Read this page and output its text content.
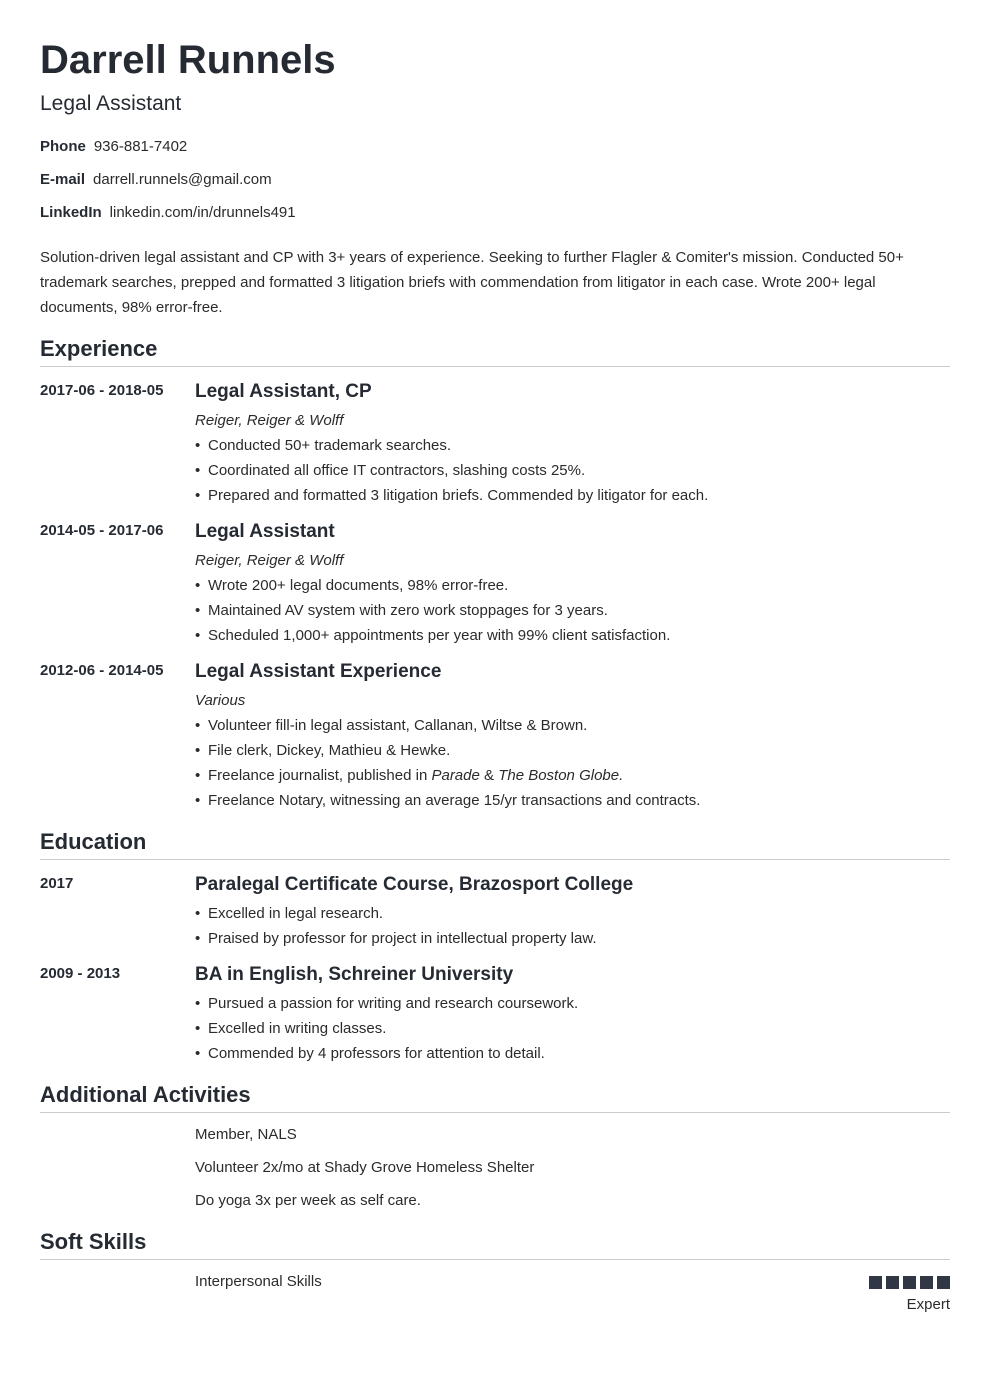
Darrell Runnels
Legal Assistant
Phone 936-881-7402
E-mail darrell.runnels@gmail.com
LinkedIn linkedin.com/in/drunnels491
Solution-driven legal assistant and CP with 3+ years of experience. Seeking to further Flagler & Comiter's mission. Conducted 50+ trademark searches, prepped and formatted 3 litigation briefs with commendation from litigator in each case. Wrote 200+ legal documents, 98% error-free.
Experience
2017-06 - 2018-05 Legal Assistant, CP
Reiger, Reiger & Wolff
• Conducted 50+ trademark searches.
• Coordinated all office IT contractors, slashing costs 25%.
• Prepared and formatted 3 litigation briefs. Commended by litigator for each.
2014-05 - 2017-06 Legal Assistant
Reiger, Reiger & Wolff
• Wrote 200+ legal documents, 98% error-free.
• Maintained AV system with zero work stoppages for 3 years.
• Scheduled 1,000+ appointments per year with 99% client satisfaction.
2012-06 - 2014-05 Legal Assistant Experience
Various
• Volunteer fill-in legal assistant, Callanan, Wiltse & Brown.
• File clerk, Dickey, Mathieu & Hewke.
• Freelance journalist, published in Parade & The Boston Globe.
• Freelance Notary, witnessing an average 15/yr transactions and contracts.
Education
2017	Paralegal Certificate Course, Brazosport College
• Excelled in legal research.
• Praised by professor for project in intellectual property law.
2009 - 2013	BA in English, Schreiner University
• Pursued a passion for writing and research coursework.
• Excelled in writing classes.
• Commended by 4 professors for attention to detail.
Additional Activities
Member, NALS
Volunteer 2x/mo at Shady Grove Homeless Shelter
Do yoga 3x per week as self care.
Soft Skills
Interpersonal Skills
Expert
